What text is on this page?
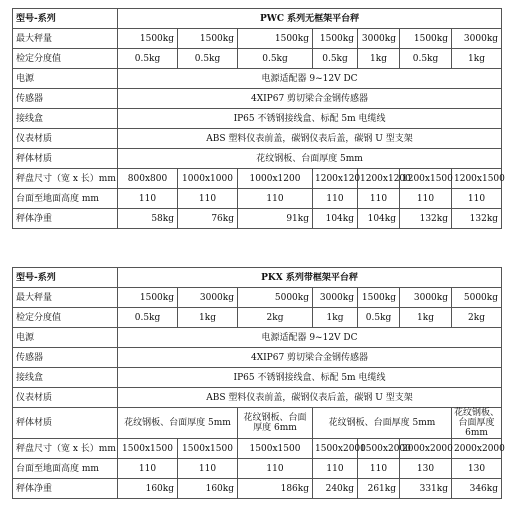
型号-系列	PWC 系列无框架平台秤						
最大秤量	1500kg	1500kg	1500kg	1500kg	3000kg	1500kg	3000kg
检定分度值	0.5kg	0.5kg	0.5kg	0.5kg	1kg	0.5kg	1kg
电源	电源适配器 9~12V DC						
传感器	4XIP67 剪切梁合金钢传感器						
接线盒	IP65 不锈钢接线盒、标配 5m 电缆线						
仪表材质	ABS 塑料仪表前盖，碳钢仪表后盖，碳钢 U 型支架						
秤体材质	花纹钢板、台面厚度 5mm						
秤盘尺寸（宽 x 长）mm	800x800	1000x1000	1000x1200	1200x120	1200x1200	1200x1500	1200x1500
台面至地面高度 mm	110	110	110	110	110	110	110
秤体净重	58kg	76kg	91kg	104kg	104kg	132kg	132kg
型号-系列	PKX 系列带框架平台秤						
最大秤量	1500kg	3000kg	5000kg	3000kg	1500kg	3000kg	5000kg
检定分度值	0.5kg	1kg	2kg	1kg	0.5kg	1kg	2kg
电源	电源适配器 9~12V DC						
传感器	4XIP67 剪切梁合金钢传感器						
接线盒	IP65 不锈钢接线盒、标配 5m 电缆线						
仪表材质	ABS 塑料仪表前盖，碳钢仪表后盖，碳钢 U 型支架						
秤体材质	花纹钢板、台面厚度 5mm		花纹钢板、台面厚度 6mm	花纹钢板、台面厚度 5mm			花纹钢板、台面厚度 6mm
秤盘尺寸（宽 x 长）mm	1500x1500	1500x1500	1500x1500	1500x2000	1500x2000	2000x2000	2000x2000
台面至地面高度 mm	110	110	110	110	110	130	130
秤体净重	160kg	160kg	186kg	240kg	261kg	331kg	346kg
